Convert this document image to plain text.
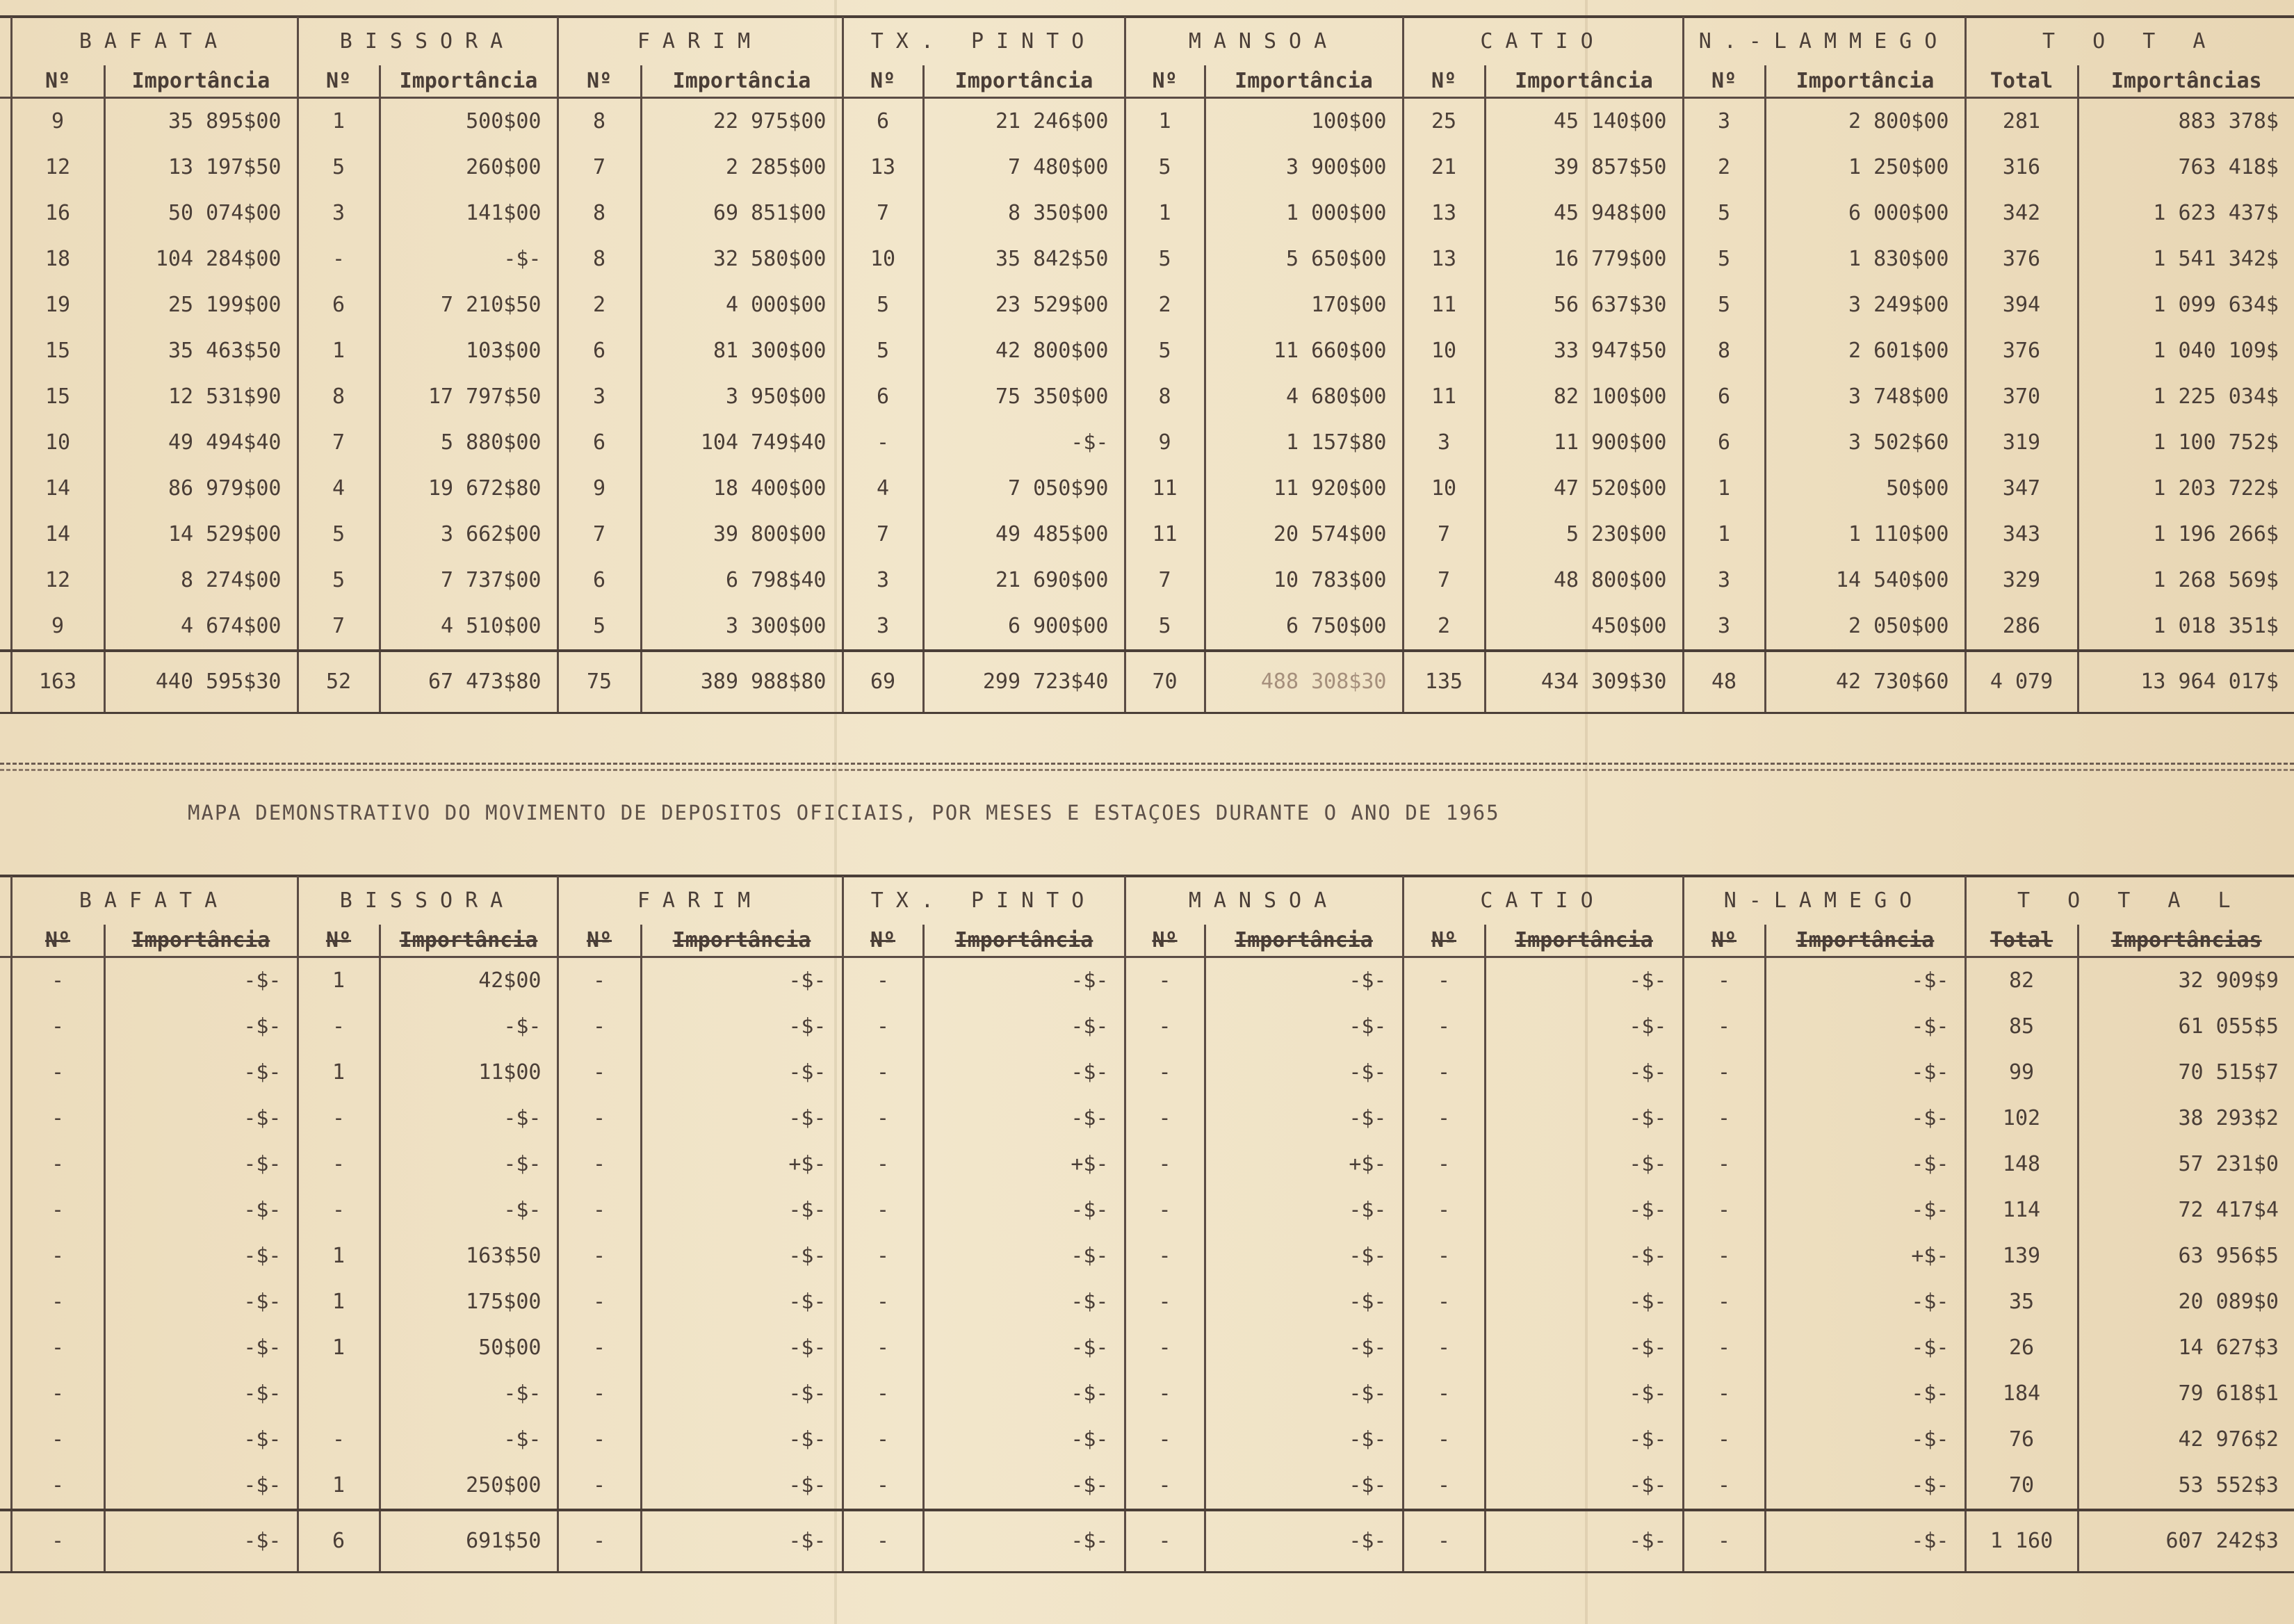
	BAFATA		BISSORA		FARIM		TX. PINTO		MANSOA		CATIO		N.-LAMMEGO		T O T A	
	Nº	Importância	Nº	Importância	Nº	Importância	Nº	Importância	Nº	Importância	Nº	Importância	Nº	Importância	Total	Importâncias
	9	35 895$00	1	500$00	8	22 975$00	6	21 246$00	1	100$00	25	45 140$00	3	2 800$00	281	883 378$
	12	13 197$50	5	260$00	7	2 285$00	13	7 480$00	5	3 900$00	21	39 857$50	2	1 250$00	316	763 418$
	16	50 074$00	3	141$00	8	69 851$00	7	8 350$00	1	1 000$00	13	45 948$00	5	6 000$00	342	1 623 437$
	18	104 284$00	-	-$-	8	32 580$00	10	35 842$50	5	5 650$00	13	16 779$00	5	1 830$00	376	1 541 342$
	19	25 199$00	6	7 210$50	2	4 000$00	5	23 529$00	2	170$00	11	56 637$30	5	3 249$00	394	1 099 634$
	15	35 463$50	1	103$00	6	81 300$00	5	42 800$00	5	11 660$00	10	33 947$50	8	2 601$00	376	1 040 109$
	15	12 531$90	8	17 797$50	3	3 950$00	6	75 350$00	8	4 680$00	11	82 100$00	6	3 748$00	370	1 225 034$
	10	49 494$40	7	5 880$00	6	104 749$40	-	-$-	9	1 157$80	3	11 900$00	6	3 502$60	319	1 100 752$
	14	86 979$00	4	19 672$80	9	18 400$00	4	7 050$90	11	11 920$00	10	47 520$00	1	50$00	347	1 203 722$
	14	14 529$00	5	3 662$00	7	39 800$00	7	49 485$00	11	20 574$00	7	5 230$00	1	1 110$00	343	1 196 266$
	12	8 274$00	5	7 737$00	6	6 798$40	3	21 690$00	7	10 783$00	7	48 800$00	3	14 540$00	329	1 268 569$
	9	4 674$00	7	4 510$00	5	3 300$00	3	6 900$00	5	6 750$00	2	450$00	3	2 050$00	286	1 018 351$
	163	440 595$30	52	67 473$80	75	389 988$80	69	299 723$40	70	488 308$30	135	434 309$30	48	42 730$60	4 079	13 964 017$
MAPA DEMONSTRATIVO DO MOVIMENTO DE DEPOSITOS OFICIAIS, POR MESES E ESTAÇOES DURANTE O ANO DE 1965
	BAFATA		BISSORA		FARIM		TX. PINTO		MANSOA		CATIO		N-LAMEGO		T O T A L	
	Nº	Importância	Nº	Importância	Nº	Importância	Nº	Importância	Nº	Importância	Nº	Importância	Nº	Importância	Total	Importâncias
	-	-$-	1	42$00	-	-$-	-	-$-	-	-$-	-	-$-	-	-$-	82	32 909$9
	-	-$-	-	-$-	-	-$-	-	-$-	-	-$-	-	-$-	-	-$-	85	61 055$5
	-	-$-	1	11$00	-	-$-	-	-$-	-	-$-	-	-$-	-	-$-	99	70 515$7
	-	-$-	-	-$-	-	-$-	-	-$-	-	-$-	-	-$-	-	-$-	102	38 293$2
	-	-$-	-	-$-	-	+$-	-	+$-	-	+$-	-	-$-	-	-$-	148	57 231$0
	-	-$-	-	-$-	-	-$-	-	-$-	-	-$-	-	-$-	-	-$-	114	72 417$4
	-	-$-	1	163$50	-	-$-	-	-$-	-	-$-	-	-$-	-	+$-	139	63 956$5
	-	-$-	1	175$00	-	-$-	-	-$-	-	-$-	-	-$-	-	-$-	35	20 089$0
	-	-$-	1	50$00	-	-$-	-	-$-	-	-$-	-	-$-	-	-$-	26	14 627$3
	-	-$-		-$-	-	-$-	-	-$-	-	-$-	-	-$-	-	-$-	184	79 618$1
	-	-$-	-	-$-	-	-$-	-	-$-	-	-$-	-	-$-	-	-$-	76	42 976$2
	-	-$-	1	250$00	-	-$-	-	-$-	-	-$-	-	-$-	-	-$-	70	53 552$3
	-	-$-	6	691$50	-	-$-	-	-$-	-	-$-	-	-$-	-	-$-	1 160	607 242$3
